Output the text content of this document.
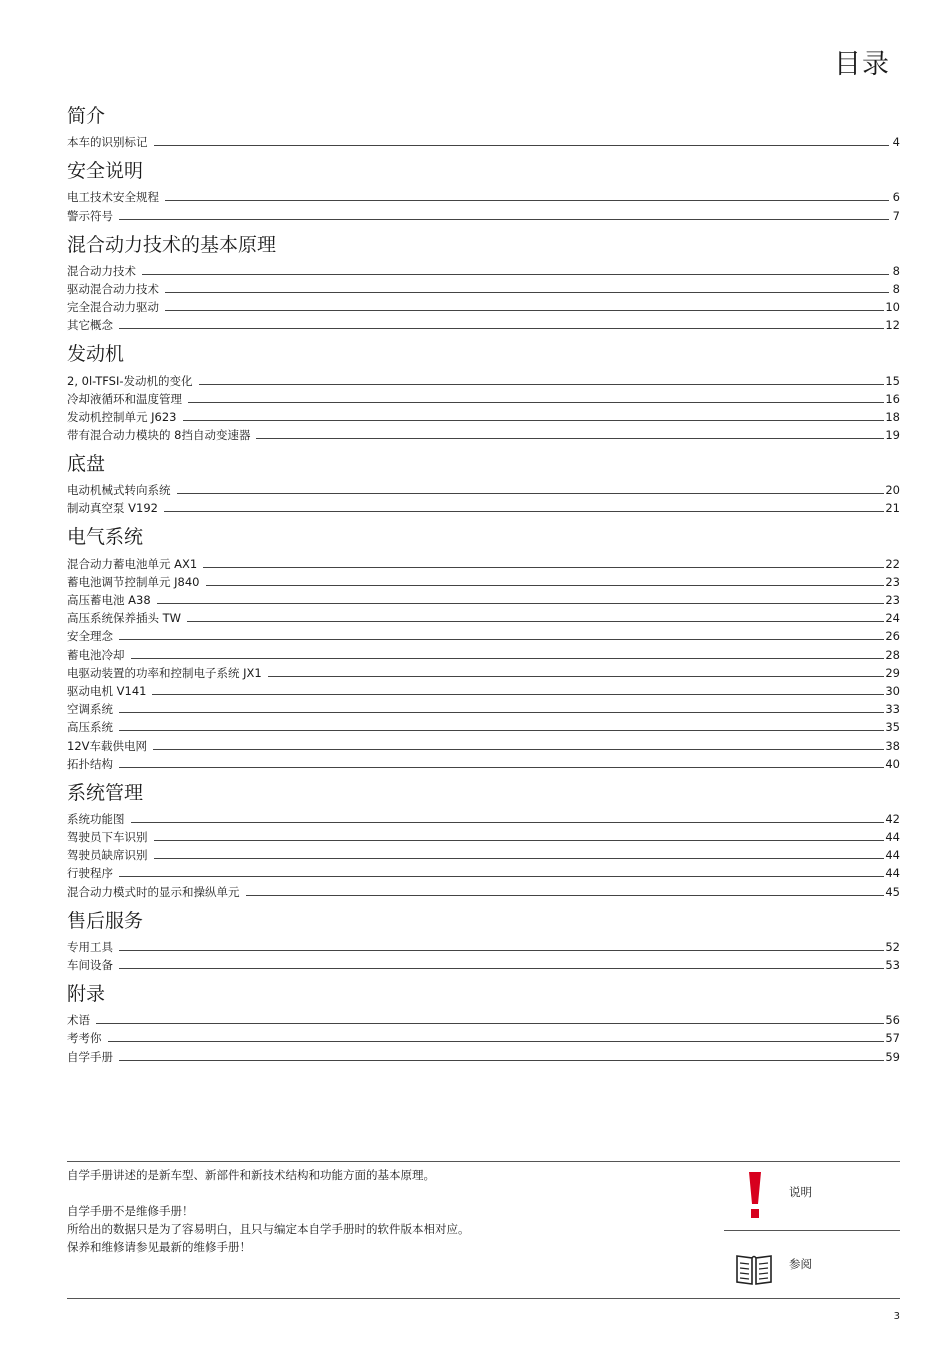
目录
简介
本车的识别标记	4
安全说明
电工技术安全规程	6
警示符号	7
混合动力技术的基本原理
混合动力技术	8
驱动混合动力技术	8
完全混合动力驱动	10
其它概念	12
发动机
2, 0l-TFSI-发动机的变化	15
冷却液循环和温度管理	16
发动机控制单元 J623	18
带有混合动力模块的 8挡自动变速器	19
底盘
电动机械式转向系统	20
制动真空泵 V192	21
电气系统
混合动力蓄电池单元 AX1	22
蓄电池调节控制单元 J840	23
高压蓄电池 A38	23
高压系统保养插头 TW	24
安全理念	26
蓄电池冷却	28
电驱动装置的功率和控制电子系统 JX1	29
驱动电机 V141	30
空调系统	33
高压系统	35
12V车载供电网	38
拓扑结构	40
系统管理
系统功能图	42
驾驶员下车识别	44
驾驶员缺席识别	44
行驶程序	44
混合动力模式时的显示和操纵单元	45
售后服务
专用工具	52
车间设备	53
附录
术语	56
考考你	57
自学手册	59

自学手册讲述的是新车型、新部件和新技术结构和功能方面的基本原理。

自学手册不是维修手册！

所给出的数据只是为了容易明白，且只与编定本自学手册时的软件版本相对应。

保养和维修请参见最新的维修手册！

说明
参阅
3
